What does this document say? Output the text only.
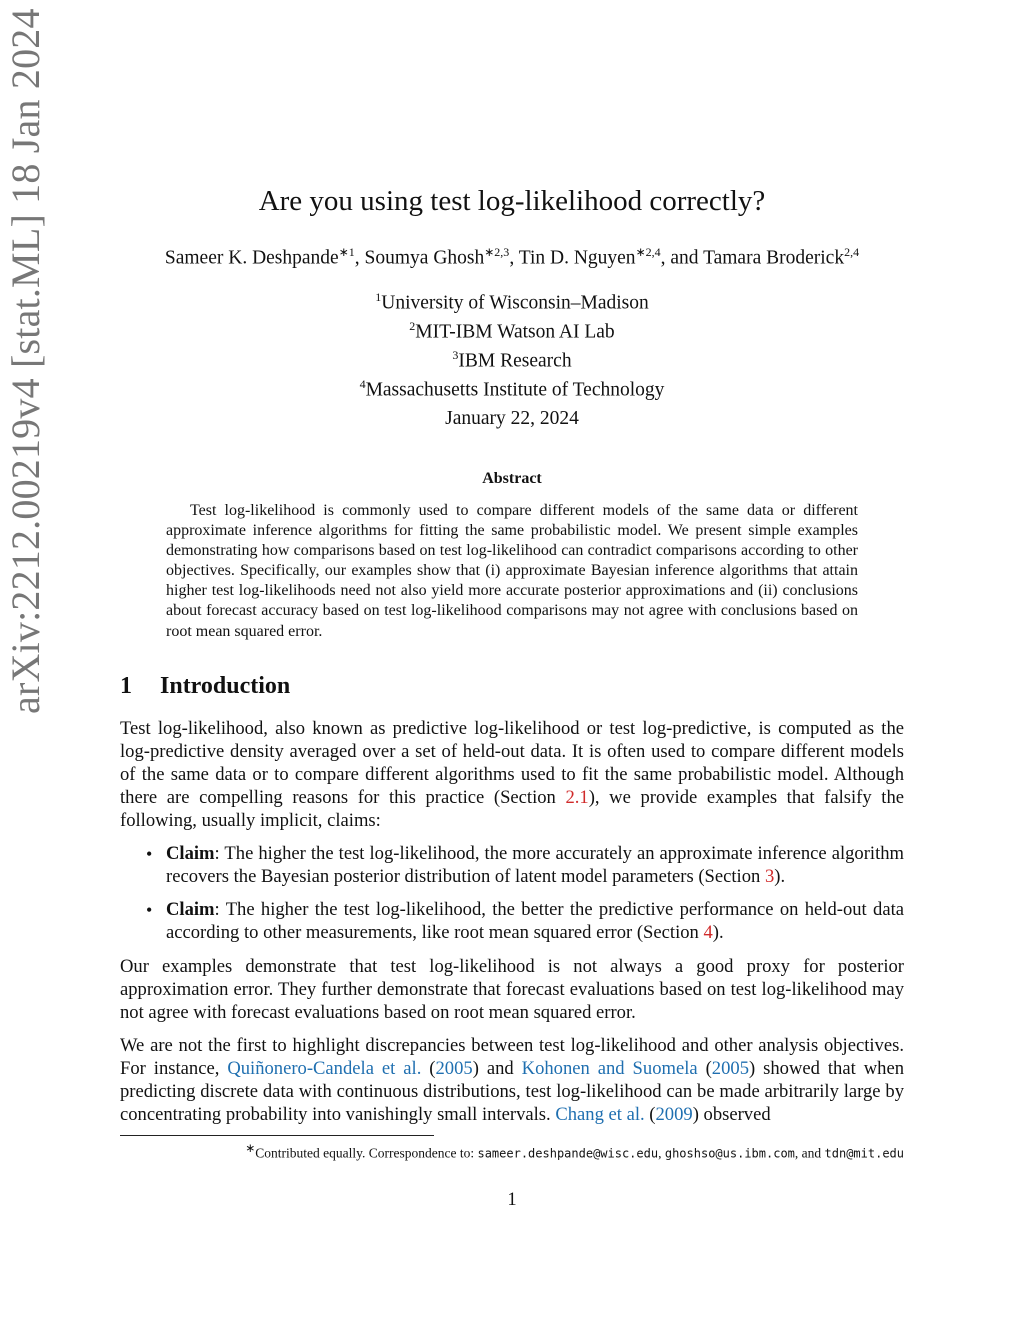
arXiv:2212.00219v4 [stat.ML] 18 Jan 2024	Are you using test log-likelihood correctly?
Sameer K. Deshpande$^{∗1}$, Soumya Ghosh$^{∗2,3}$, Tin D. Nguyen$^{∗2,4}$, and Tamara Broderick$^{2,4}$
$^1$University of Wisconsin–Madison
$^2$MIT-IBM Watson AI Lab
$^3$IBM Research
$^4$Massachusetts Institute of Technology
January 22, 2024
Abstract
Test log-likelihood is commonly used to compare different models of the same data or different approximate inference algorithms for fitting the same probabilistic model. We present simple examples demonstrating how comparisons based on test log-likelihood can contradict comparisons according to other objectives. Specifically, our examples show that (i) approximate Bayesian inference algorithms that attain higher test log-likelihoods need not also yield more accurate posterior approximations and (ii) conclusions about forecast accuracy based on test log-likelihood comparisons may not agree with conclusions based on root mean squared error.
1 Introduction
Test log-likelihood, also known as predictive log-likelihood or test log-predictive, is computed as the log-predictive density averaged over a set of held-out data. It is often used to compare different models of the same data or to compare different algorithms used to fit the same probabilistic model. Although there are compelling reasons for this practice (Section 2.1), we provide examples that falsify the following, usually implicit, claims:
• Claim: The higher the test log-likelihood, the more accurately an approximate inference algorithm recovers the Bayesian posterior distribution of latent model parameters (Section 3).
• Claim: The higher the test log-likelihood, the better the predictive performance on held-out data according to other measurements, like root mean squared error (Section 4).
Our examples demonstrate that test log-likelihood is not always a good proxy for posterior approximation error. They further demonstrate that forecast evaluations based on test log-likelihood may not agree with forecast evaluations based on root mean squared error.
We are not the first to highlight discrepancies between test log-likelihood and other analysis objectives. For instance, Quiñonero-Candela et al. (2005) and Kohonen and Suomela (2005) showed that when predicting discrete data with continuous distributions, test log-likelihood can be made arbitrarily large by concentrating probability into vanishingly small intervals. Chang et al. (2009) observed
∗Contributed equally. Correspondence to: sameer.deshpande@wisc.edu, ghoshso@us.ibm.com, and tdn@mit.edu
1
